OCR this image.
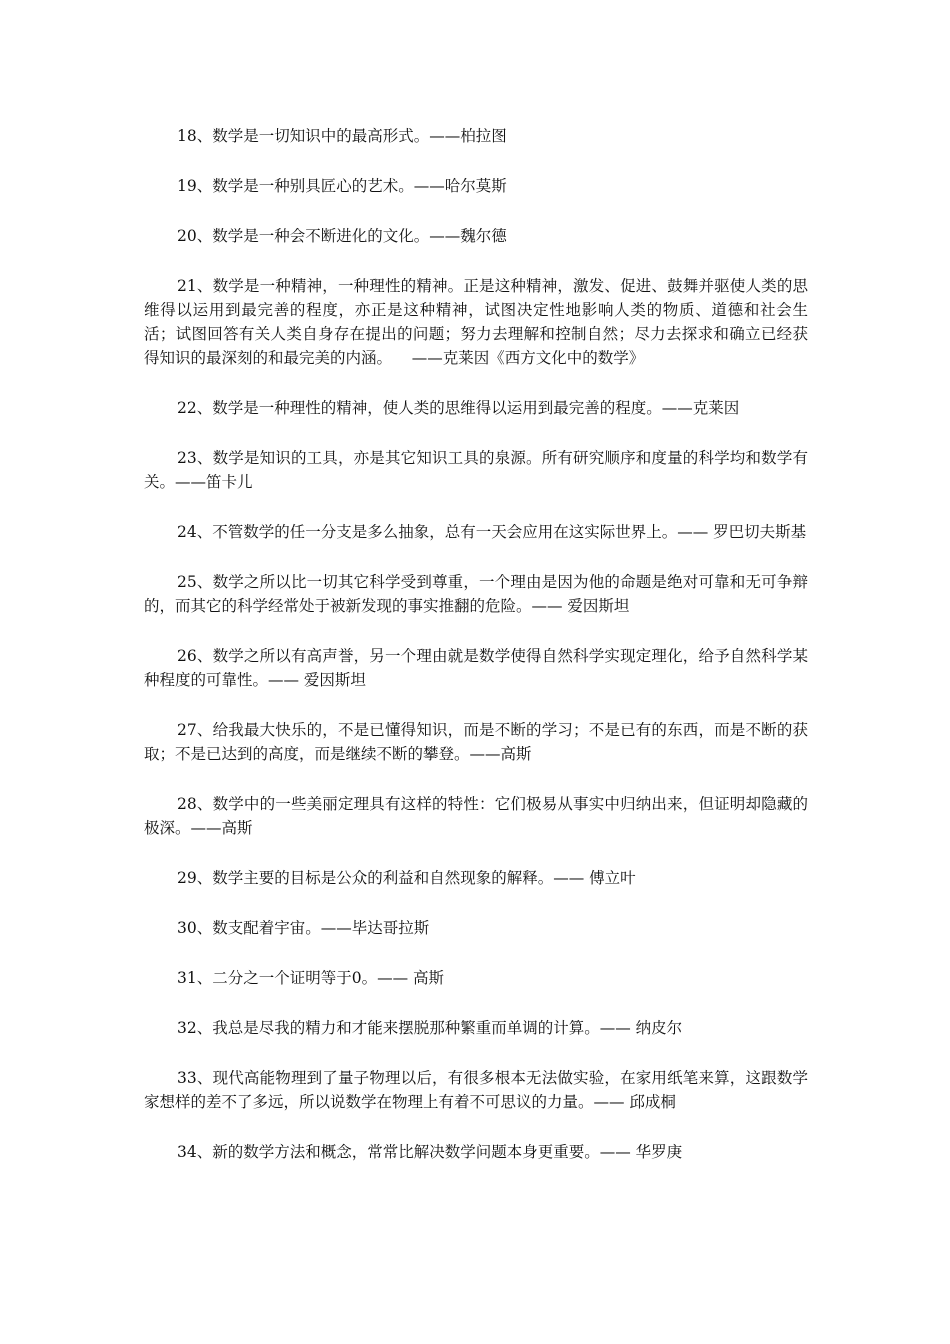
18、数学是一切知识中的最高形式。——柏拉图

19、数学是一种别具匠心的艺术。——哈尔莫斯

20、数学是一种会不断进化的文化。——魏尔德

21、数学是一种精神，一种理性的精神。正是这种精神，激发、促进、鼓舞并驱使人类的思维得以运用到最完善的程度，亦正是这种精神，试图决定性地影响人类的物质、道德和社会生活；试图回答有关人类自身存在提出的问题；努力去理解和控制自然；尽力去探求和确立已经获得知识的最深刻的和最完美的内涵。    ——克莱因《西方文化中的数学》

22、数学是一种理性的精神，使人类的思维得以运用到最完善的程度。——克莱因

23、数学是知识的工具，亦是其它知识工具的泉源。所有研究顺序和度量的科学均和数学有关。——笛卡儿

24、不管数学的任一分支是多么抽象，总有一天会应用在这实际世界上。—— 罗巴切夫斯基

25、数学之所以比一切其它科学受到尊重，一个理由是因为他的命题是绝对可靠和无可争辩的，而其它的科学经常处于被新发现的事实推翻的危险。—— 爱因斯坦

26、数学之所以有高声誉，另一个理由就是数学使得自然科学实现定理化，给予自然科学某种程度的可靠性。—— 爱因斯坦

27、给我最大快乐的，不是已懂得知识，而是不断的学习；不是已有的东西，而是不断的获取；不是已达到的高度，而是继续不断的攀登。——高斯

28、数学中的一些美丽定理具有这样的特性：它们极易从事实中归纳出来，但证明却隐藏的极深。——高斯

29、数学主要的目标是公众的利益和自然现象的解释。—— 傅立叶

30、数支配着宇宙。——毕达哥拉斯

31、二分之一个证明等于0。—— 高斯

32、我总是尽我的精力和才能来摆脱那种繁重而单调的计算。—— 纳皮尔

33、现代高能物理到了量子物理以后，有很多根本无法做实验，在家用纸笔来算，这跟数学家想样的差不了多远，所以说数学在物理上有着不可思议的力量。—— 邱成桐

34、新的数学方法和概念，常常比解决数学问题本身更重要。—— 华罗庚
